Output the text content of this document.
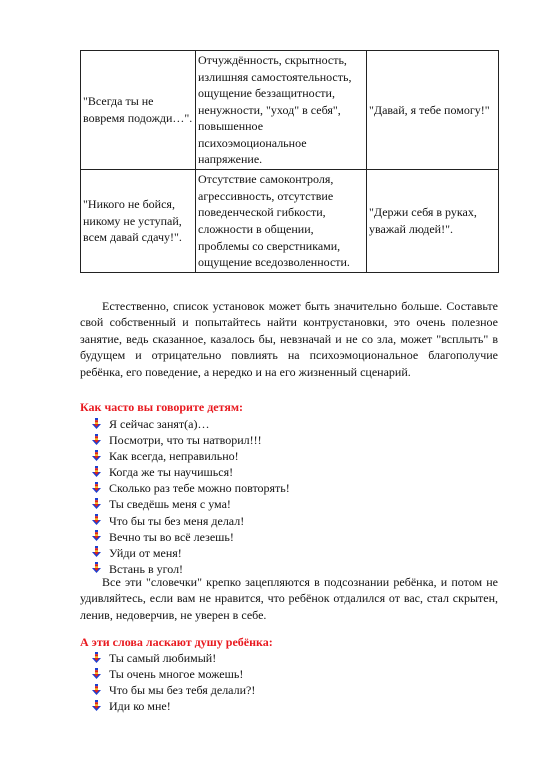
"Всегда ты не вовремя подожди…".	Отчуждённость, скрытность, излишняя самостоятельность, ощущение беззащитности, ненужности, "уход" в себя", повышенное психоэмоциональное напряжение.	"Давай, я тебе помогу!"
"Никого не бойся, никому не уступай, всем давай сдачу!".	Отсутствие самоконтроля, агрессивность, отсутствие поведенческой гибкости, сложности в общении, проблемы со сверстниками, ощущение вседозволенности.	"Держи себя в руках, уважай людей!".

Естественно, список установок может быть значительно больше. Составьте свой собственный и попытайтесь найти контрустановки, это очень полезное занятие, ведь сказанное, казалось бы, невзначай и не со зла, может "всплыть" в будущем и отрицательно повлиять на психоэмоциональное благополучие ребёнка, его поведение, а нередко и на его жизненный сценарий.

Как часто вы говорите детям:

Я сейчас занят(а)…
Посмотри, что ты натворил!!!
Как всегда, неправильно!
Когда же ты научишься!
Сколько раз тебе можно повторять!
Ты сведёшь меня с ума!
Что бы ты без меня делал!
Вечно ты во всё лезешь!
Уйди от меня!
Встань в угол!

Все эти "словечки" крепко зацепляются в подсознании ребёнка, и потом не удивляйтесь, если вам не нравится, что ребёнок отдалился от вас, стал скрытен, ленив, недоверчив, не уверен в себе.

А эти слова ласкают душу ребёнка:

Ты самый любимый!
Ты очень многое можешь!
Что бы мы без тебя делали?!
Иди ко мне!
